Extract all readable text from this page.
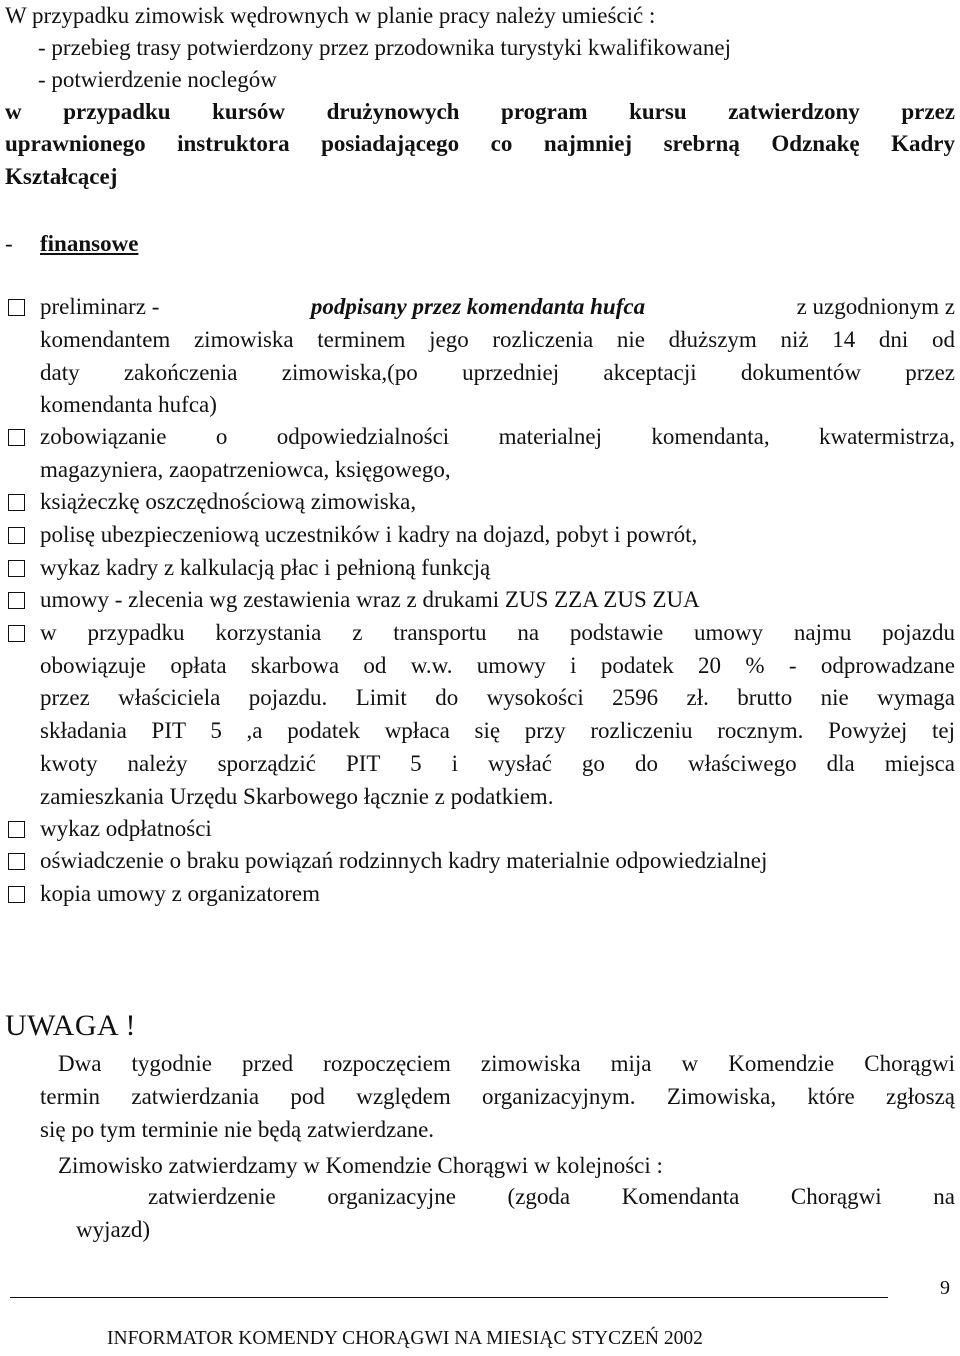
W przypadku zimowisk wędrownych w planie pracy należy umieścić :
- przebieg trasy potwierdzony przez przodownika turystyki kwalifikowanej
- potwierdzenie noclegów
w przypadku kursów drużynowych program kursu zatwierdzony przez
uprawnionego instruktora posiadającego co najmniej srebrną Odznakę Kadry
Kształcącej
- finansowe
preliminarz -	podpisany przez komendanta hufca	z uzgodnionym z
komendantem zimowiska terminem jego rozliczenia nie dłuższym niż 14 dni od
daty zakończenia zimowiska,(po uprzedniej akceptacji dokumentów przez
komendanta hufca)
zobowiązanie o odpowiedzialności materialnej komendanta, kwatermistrza,
magazyniera, zaopatrzeniowca, księgowego,
książeczkę oszczędnościową zimowiska,
polisę ubezpieczeniową uczestników i kadry na dojazd, pobyt i powrót,
wykaz kadry z kalkulacją płac i pełnioną funkcją
umowy - zlecenia wg zestawienia wraz z drukami ZUS ZZA ZUS ZUA
w przypadku korzystania z transportu na podstawie umowy najmu pojazdu
obowiązuje opłata skarbowa od w.w. umowy i podatek 20 % - odprowadzane
przez właściciela pojazdu. Limit do wysokości 2596 zł. brutto nie wymaga
składania PIT 5 ,a podatek wpłaca się przy rozliczeniu rocznym. Powyżej tej
kwoty należy sporządzić PIT 5 i wysłać go do właściwego dla miejsca
zamieszkania Urzędu Skarbowego łącznie z podatkiem.
wykaz odpłatności
oświadczenie o braku powiązań rodzinnych kadry materialnie odpowiedzialnej
kopia umowy z organizatorem
UWAGA !
Dwa tygodnie przed rozpoczęciem zimowiska mija w Komendzie Chorągwi
termin zatwierdzania pod względem organizacyjnym. Zimowiska, które zgłoszą
się po tym terminie nie będą zatwierdzane.
Zimowisko zatwierdzamy w Komendzie Chorągwi w kolejności :
zatwierdzenie organizacyjne (zgoda Komendanta Chorągwi na
wyjazd)
9
INFORMATOR KOMENDY CHORĄGWI NA MIESIĄC STYCZEŃ 2002
